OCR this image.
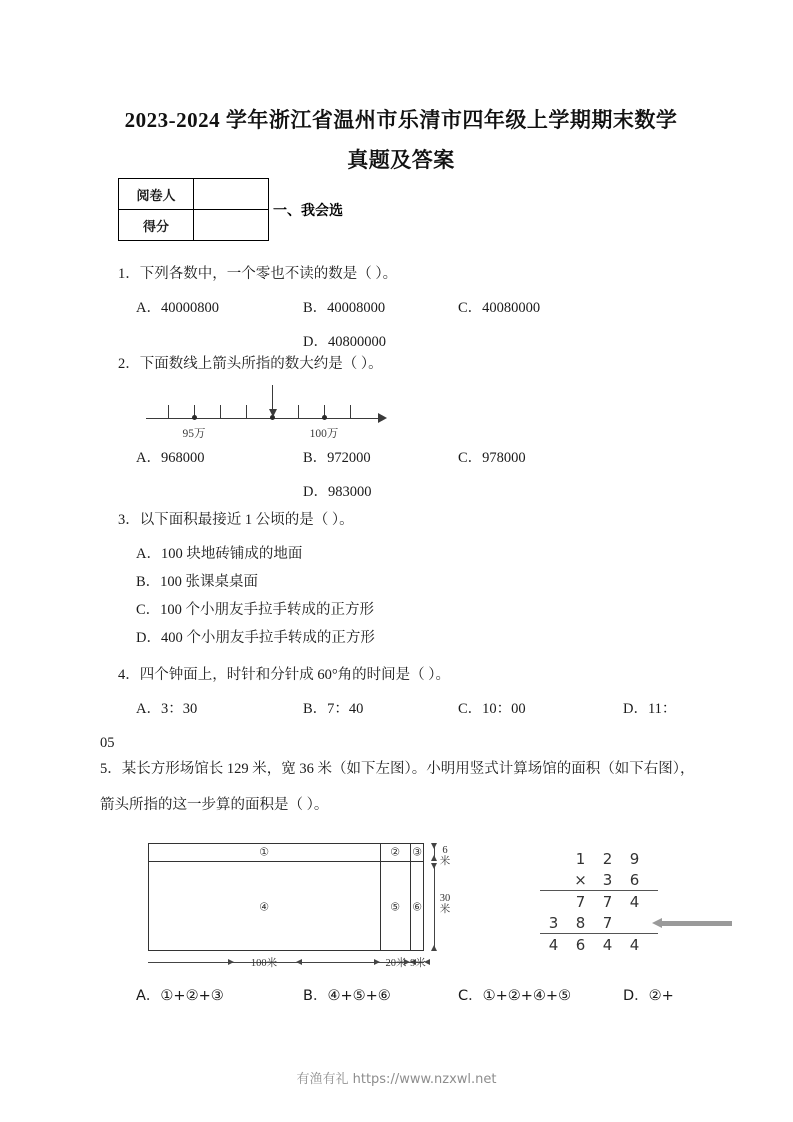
2023-2024 学年浙江省温州市乐清市四年级上学期期末数学
真题及答案
阅卷人	
得分	
一、我会选
1．下列各数中，一个零也不读的数是（ ）。
A．40000800	B．40008000	C．40080000
D．40800000
2．下面数线上箭头所指的数大约是（ ）。
95万	100万
A．968000	B．972000	C．978000
D．983000
3．以下面积最接近 1 公顷的是（ ）。
A．100 块地砖铺成的地面
B．100 张课桌桌面
C．100 个小朋友手拉手转成的正方形
D．400 个小朋友手拉手转成的正方形
4．四个钟面上，时针和分针成 60°角的时间是（ ）。
A．3：30	B．7：40	C．10：00	D．11：
05
5．某长方形场馆长 129 米，宽 36 米（如下左图）。小明用竖式计算场馆的面积（如下右图），
箭头所指的这一步算的面积是（ ）。
①	② ③
④	⑤ ⑥
100米	20米 9米
6米
30米
1	2	9
×	3	6
7	7	4
3	8	7
4	6	4	4
A．①+②+③	B．④+⑤+⑥	C．①+②+④+⑤	D．②+
有渔有礼 https://www.nzxwl.net
